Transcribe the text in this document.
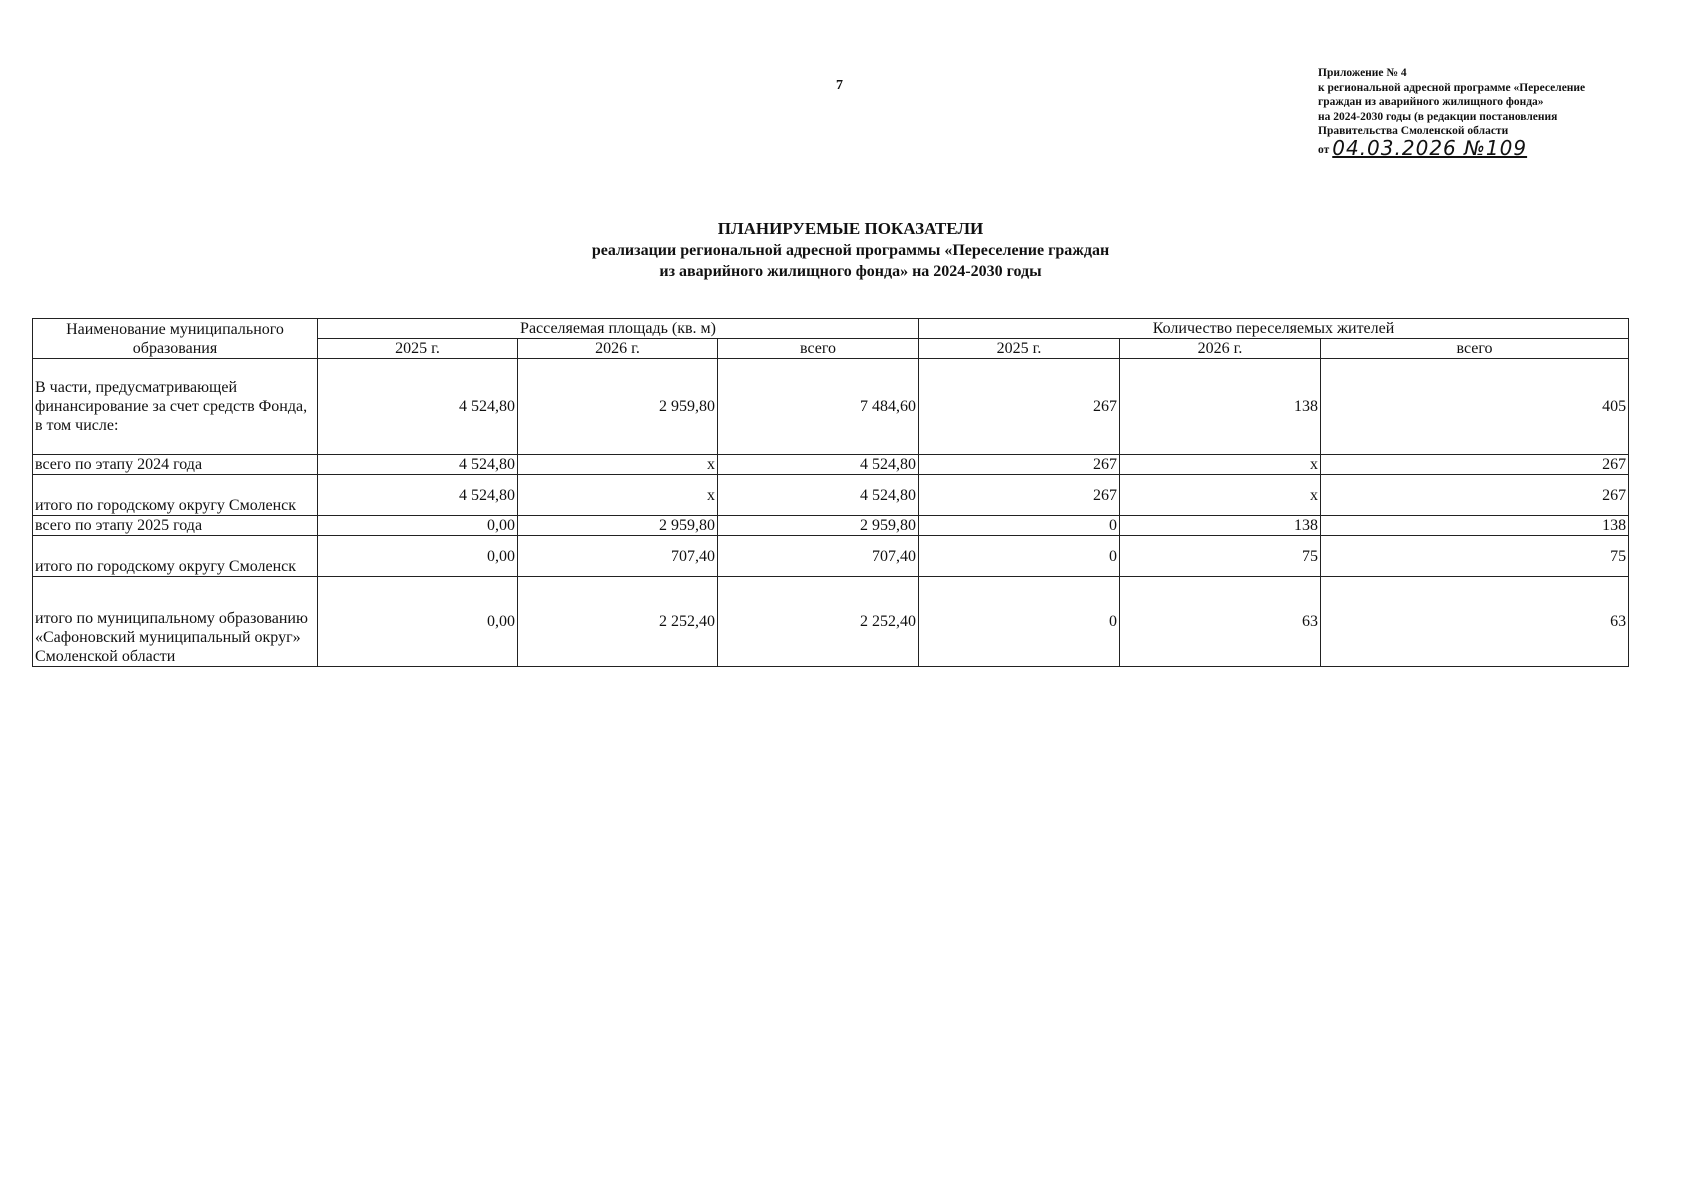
7
Приложение № 4
к региональной адресной программе «Переселение
граждан из аварийного жилищного фонда»
на 2024-2030 годы (в редакции постановления
Правительства Смоленской области
от 04.03.2026 №109
ПЛАНИРУЕМЫЕ ПОКАЗАТЕЛИ
реализации региональной адресной программы «Переселение граждан
из аварийного жилищного фонда» на 2024-2030 годы
Наименование муниципального
образования	Расселяемая площадь (кв. м)			Количество переселяемых жителей		
	2025 г.	2026 г.	всего	2025 г.	2026 г.	всего
В части, предусматривающей финансирование за счет средств Фонда, в том числе:	4 524,80	2 959,80	7 484,60	267	138	405
всего по этапу 2024 года	4 524,80	x	4 524,80	267	x	267
итого по городскому округу Смоленск	4 524,80	x	4 524,80	267	x	267
всего по этапу 2025 года	0,00	2 959,80	2 959,80	0	138	138
итого по городскому округу Смоленск	0,00	707,40	707,40	0	75	75
итого по муниципальному образованию «Сафоновский муниципальный округ» Смоленской области	0,00	2 252,40	2 252,40	0	63	63
